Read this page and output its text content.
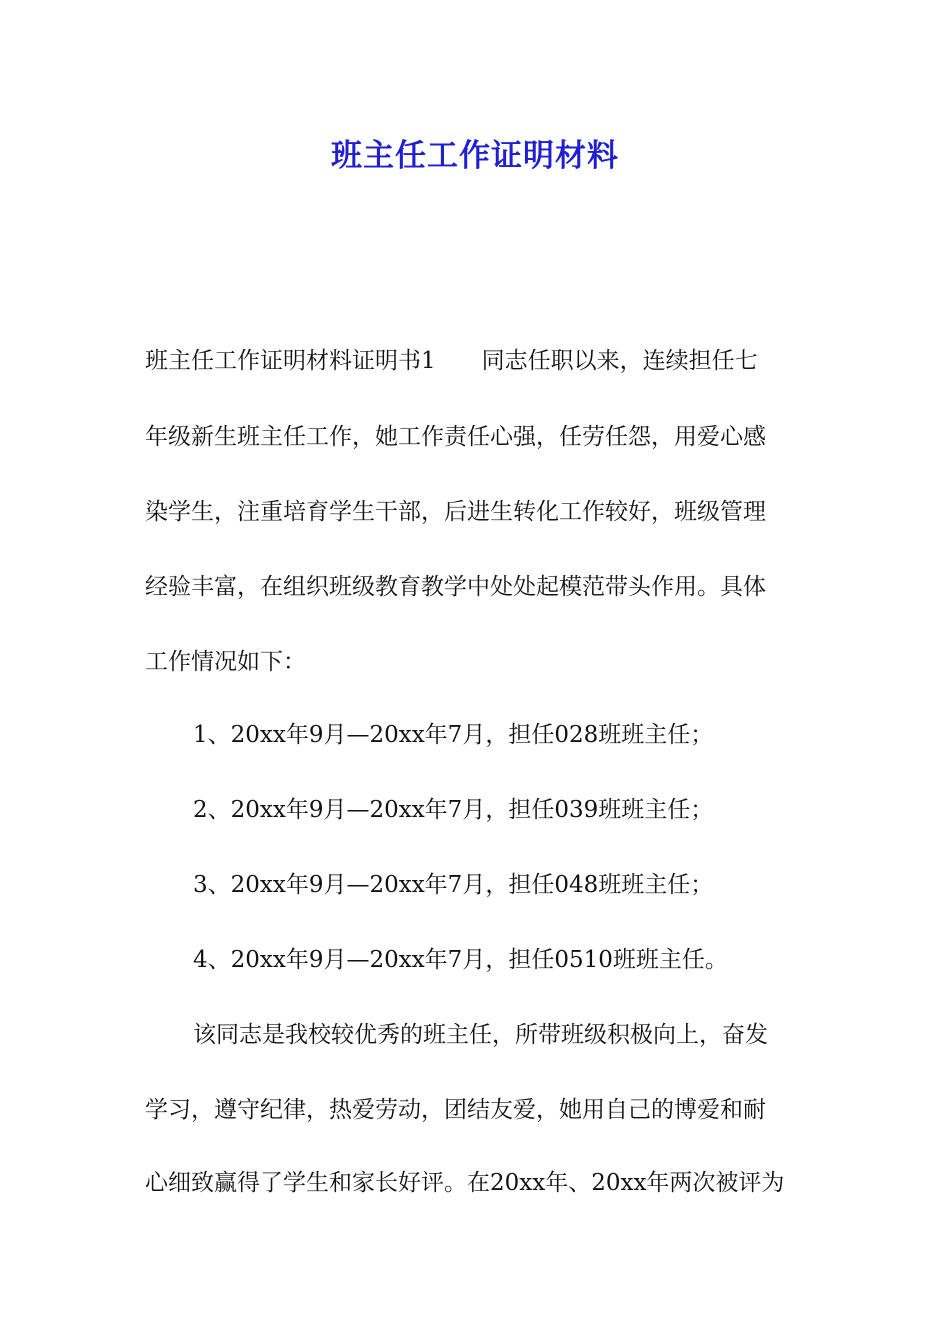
班主任工作证明材料
班主任工作证明材料证明书1　　同志任职以来，连续担任七
年级新生班主任工作，她工作责任心强，任劳任怨，用爱心感
染学生，注重培育学生干部，后进生转化工作较好，班级管理
经验丰富，在组织班级教育教学中处处起模范带头作用。具体
工作情况如下：
1、20xx年9月—20xx年7月，担任028班班主任；
2、20xx年9月—20xx年7月，担任039班班主任；
3、20xx年9月—20xx年7月，担任048班班主任；
4、20xx年9月—20xx年7月，担任0510班班主任。
该同志是我校较优秀的班主任，所带班级积极向上，奋发
学习，遵守纪律，热爱劳动，团结友爱，她用自己的博爱和耐
心细致赢得了学生和家长好评。在20xx年、20xx年两次被评为
